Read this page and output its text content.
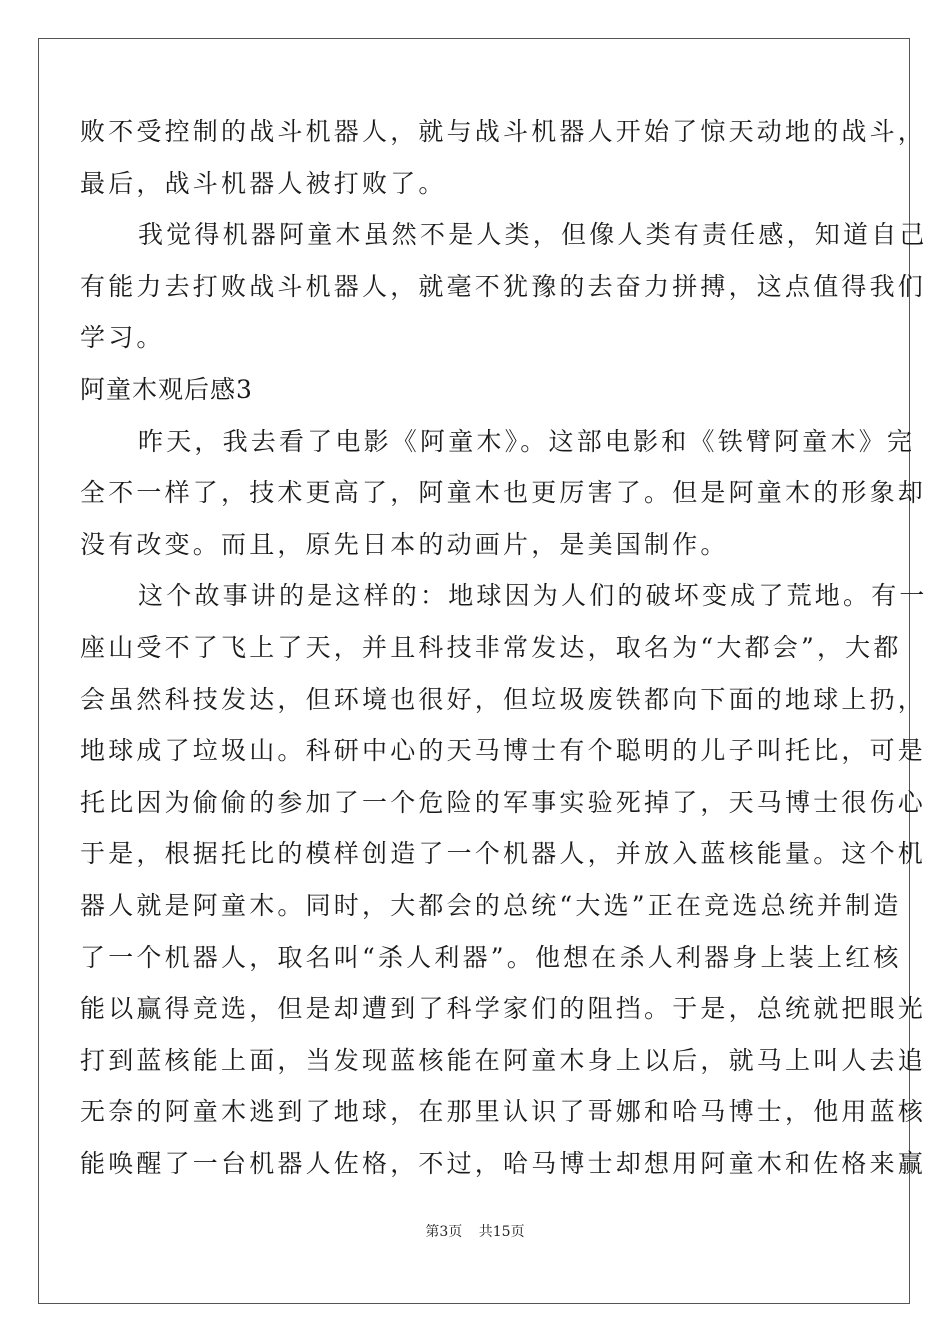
败不受控制的战斗机器人，就与战斗机器人开始了惊天动地的战斗，
最后，战斗机器人被打败了。
我觉得机器阿童木虽然不是人类，但像人类有责任感，知道自己
有能力去打败战斗机器人，就毫不犹豫的去奋力拼搏，这点值得我们
学习。
阿童木观后感3
昨天，我去看了电影《阿童木》。这部电影和《铁臂阿童木》完
全不一样了，技术更高了，阿童木也更厉害了。但是阿童木的形象却
没有改变。而且，原先日本的动画片，是美国制作。
这个故事讲的是这样的：地球因为人们的破坏变成了荒地。有一
座山受不了飞上了天，并且科技非常发达，取名为“大都会”，大都
会虽然科技发达，但环境也很好，但垃圾废铁都向下面的地球上扔，
地球成了垃圾山。科研中心的天马博士有个聪明的儿子叫托比，可是
托比因为偷偷的参加了一个危险的军事实验死掉了，天马博士很伤心
于是，根据托比的模样创造了一个机器人，并放入蓝核能量。这个机
器人就是阿童木。同时，大都会的总统“大选”正在竞选总统并制造
了一个机器人，取名叫“杀人利器”。他想在杀人利器身上装上红核
能以赢得竞选，但是却遭到了科学家们的阻挡。于是，总统就把眼光
打到蓝核能上面，当发现蓝核能在阿童木身上以后，就马上叫人去追
无奈的阿童木逃到了地球，在那里认识了哥娜和哈马博士，他用蓝核
能唤醒了一台机器人佐格，不过，哈马博士却想用阿童木和佐格来赢
第3页 共15页
